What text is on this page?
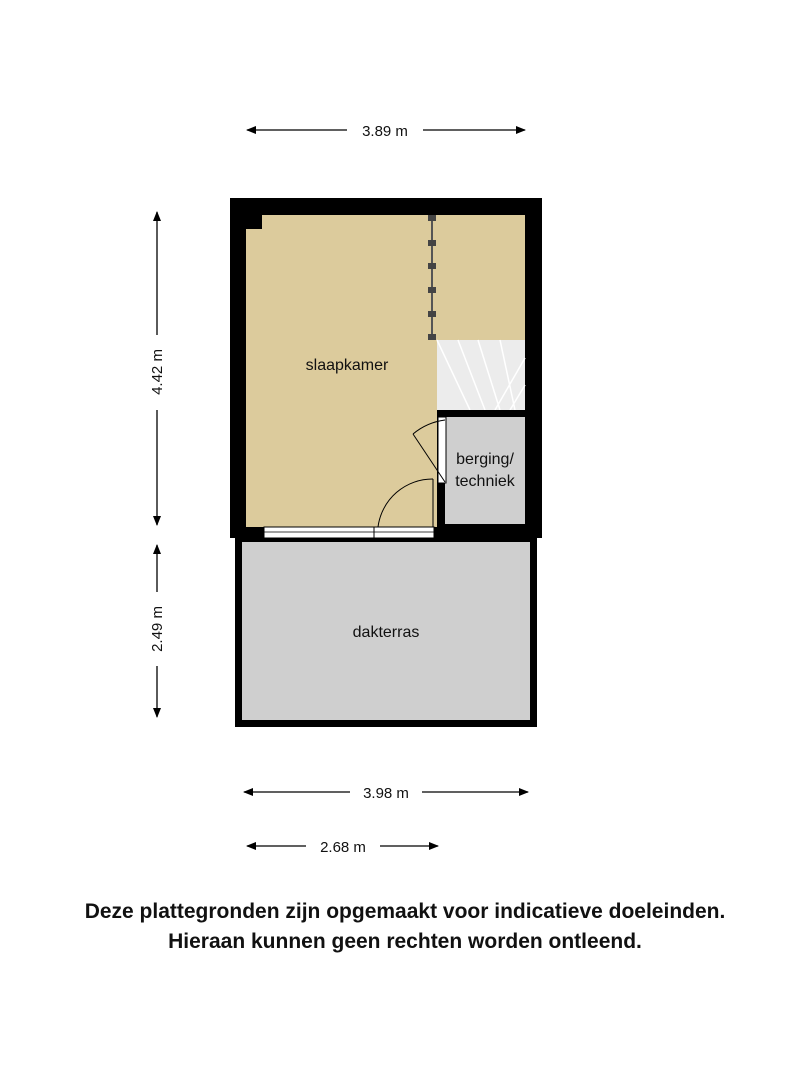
3.89 m
4.42 m
2.49 m
slaapkamer
berging/
techniek
dakterras
3.98 m
2.68 m
Deze plattegronden zijn opgemaakt voor indicatieve doeleinden.
Hieraan kunnen geen rechten worden ontleend.
